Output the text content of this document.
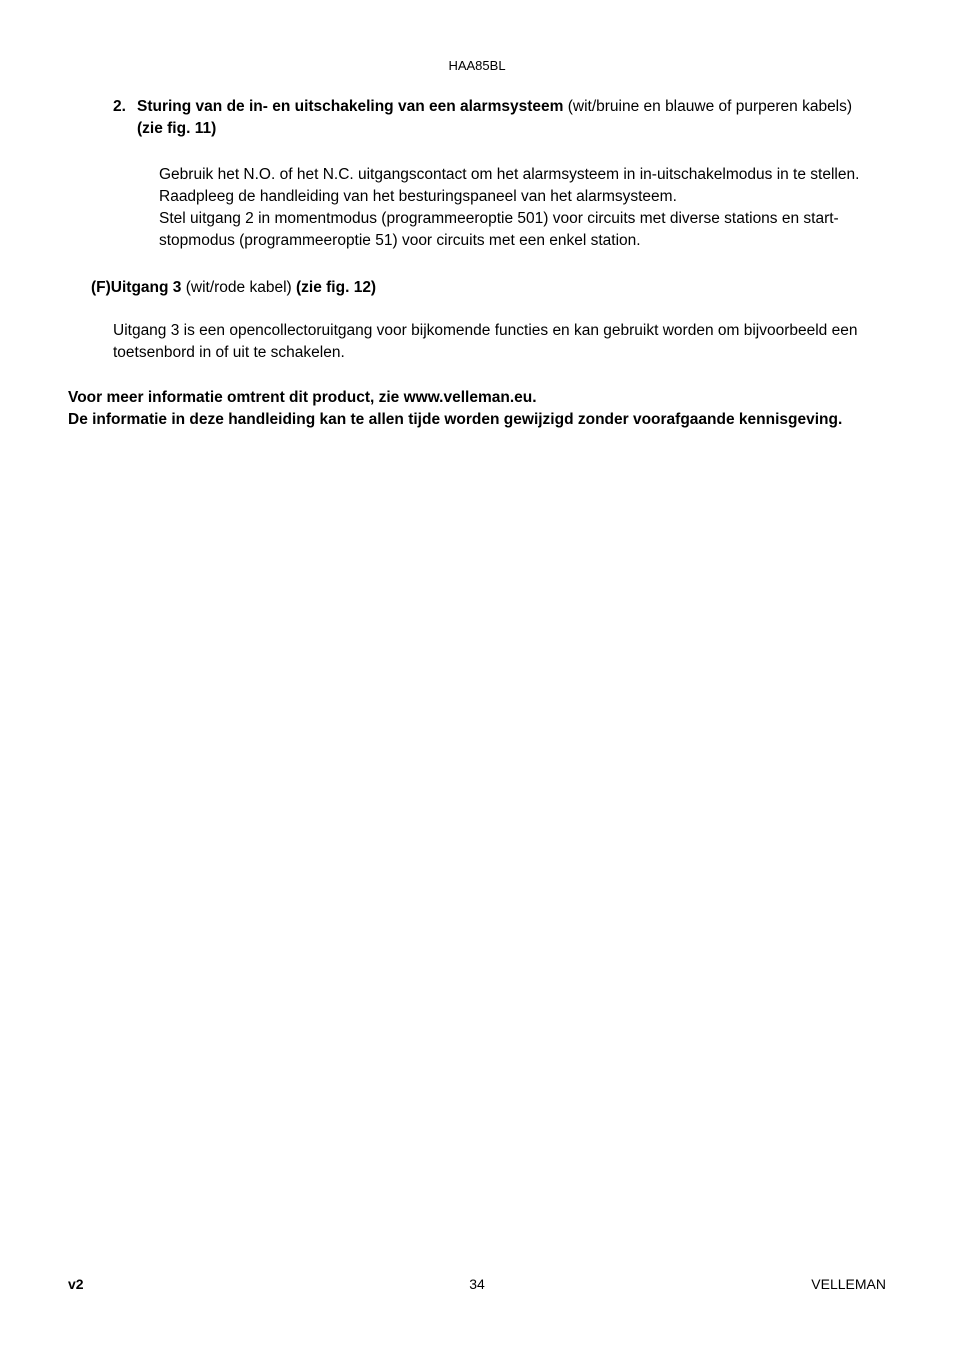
HAA85BL
2. Sturing van de in- en uitschakeling van een alarmsysteem (wit/bruine en blauwe of purperen kabels)

(zie fig. 11)

Gebruik het N.O. of het N.C. uitgangscontact om het alarmsysteem in in-uitschakelmodus in te stellen.

Raadpleeg de handleiding van het besturingspaneel van het alarmsysteem.

Stel uitgang 2 in momentmodus (programmeeroptie 501) voor circuits met diverse stations en start-

stopmodus (programmeeroptie 51) voor circuits met een enkel station.

(F)Uitgang 3 (wit/rode kabel) (zie fig. 12)

Uitgang 3 is een opencollectoruitgang voor bijkomende functies en kan gebruikt worden om bijvoorbeeld een

toetsenbord in of uit te schakelen.

Voor meer informatie omtrent dit product, zie www.velleman.eu.

De informatie in deze handleiding kan te allen tijde worden gewijzigd zonder voorafgaande kennisgeving.

v2	34	VELLEMAN
